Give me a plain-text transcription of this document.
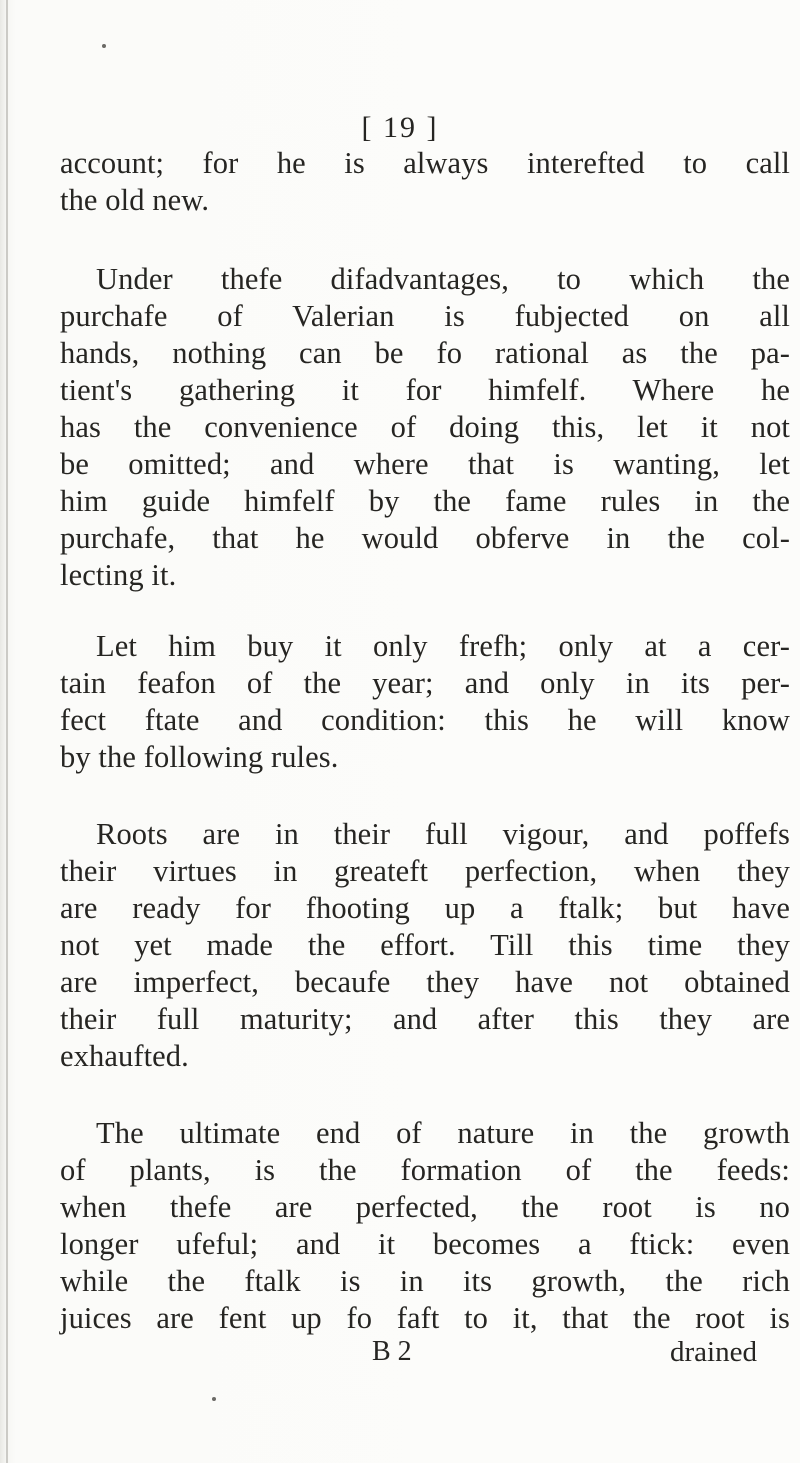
[ 19 ]
account; for he is always interefted to call
the old new.
Under thefe difadvantages, to which the
purchafe of Valerian is fubjected on all
hands, nothing can be fo rational as the pa-
tient's gathering it for himfelf. Where he
has the convenience of doing this, let it not
be omitted; and where that is wanting, let
him guide himfelf by the fame rules in the
purchafe, that he would obferve in the col-
lecting it.
Let him buy it only frefh; only at a cer-
tain feafon of the year; and only in its per-
fect ftate and condition: this he will know
by the following rules.
Roots are in their full vigour, and poffefs
their virtues in greateft perfection, when they
are ready for fhooting up a ftalk; but have
not yet made the effort. Till this time they
are imperfect, becaufe they have not obtained
their full maturity; and after this they are
exhaufted.
The ultimate end of nature in the growth
of plants, is the formation of the feeds:
when thefe are perfected, the root is no
longer ufeful; and it becomes a ftick: even
while the ftalk is in its growth, the rich
juices are fent up fo faft to it, that the root is
B 2	drained
